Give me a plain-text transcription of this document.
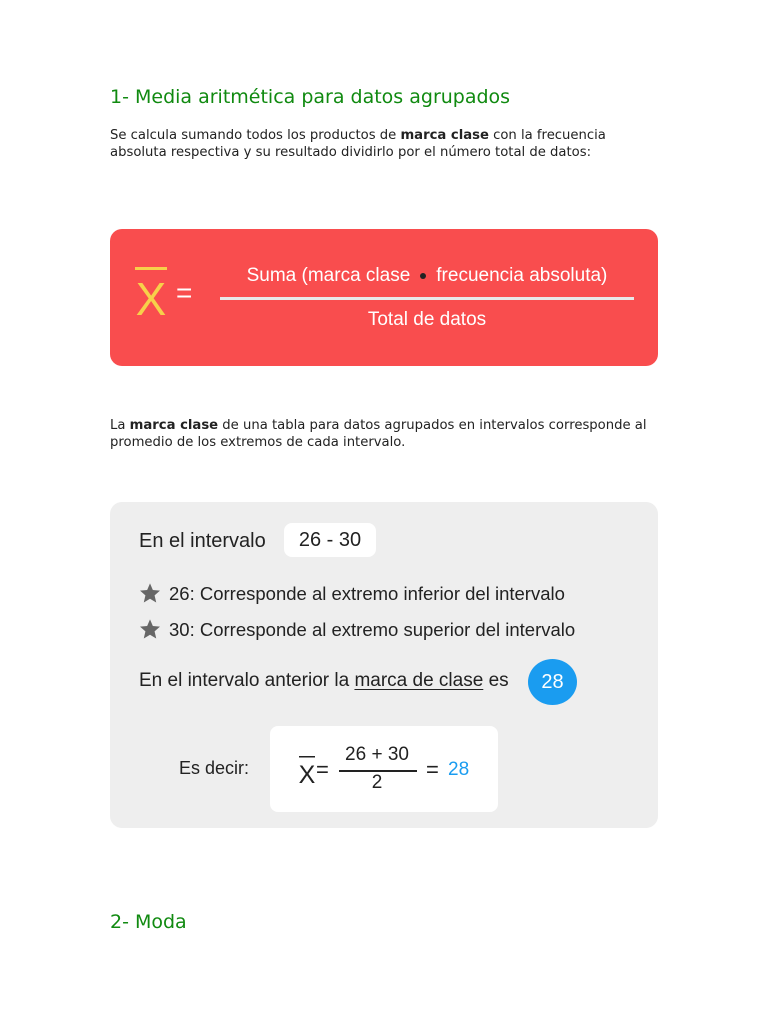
1- Media aritmética para datos agrupados

Se calcula sumando todos los productos de marca clase con la frecuencia absoluta respectiva y su resultado dividirlo por el número total de datos:

X =
Suma (marca clase frecuencia absoluta)
Total de datos

La marca clase de una tabla para datos agrupados en intervalos corresponde al promedio de los extremos de cada intervalo.

En el intervalo	26 - 30
26: Corresponde al extremo inferior del intervalo
30: Corresponde al extremo superior del intervalo
En el intervalo anterior la marca de clase es	28
Es decir: X =
26 + 30
2
= 28
2- Moda
